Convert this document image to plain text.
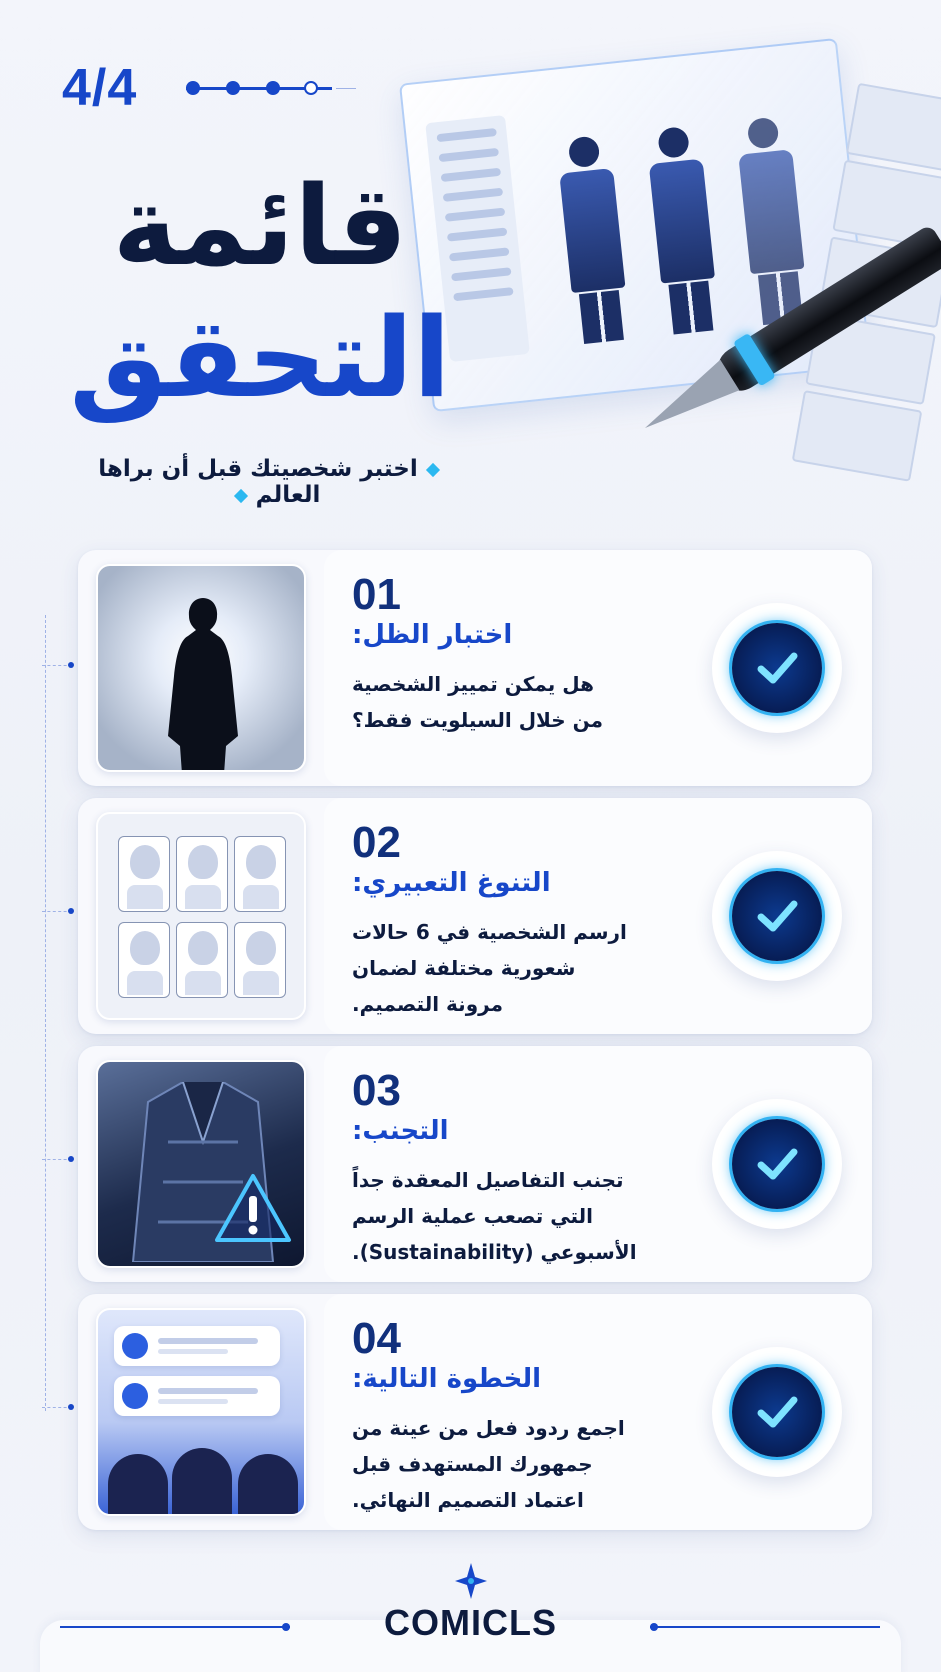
4/4
قائمة
التحقق
اختبر شخصيتك قبل أن براها العالم
01
اختبار الظل:
هل يمكن تمييز الشخصية
من خلال السيلويت فقط؟
02
التنوغ التعبيري:
ارسم الشخصية في 6 حالات
شعورية مختلفة لضمان
مرونة التصميم.
03
التجنب:
تجنب التفاصيل المعقدة جداً
التي تصعب عملية الرسم
الأسبوعي (Sustainability).
04
الخطوة التالية:
اجمع ردود فعل من عينة من
جمهورك المستهدف قبل
اعتماد التصميم النهائي.
COMICLS
